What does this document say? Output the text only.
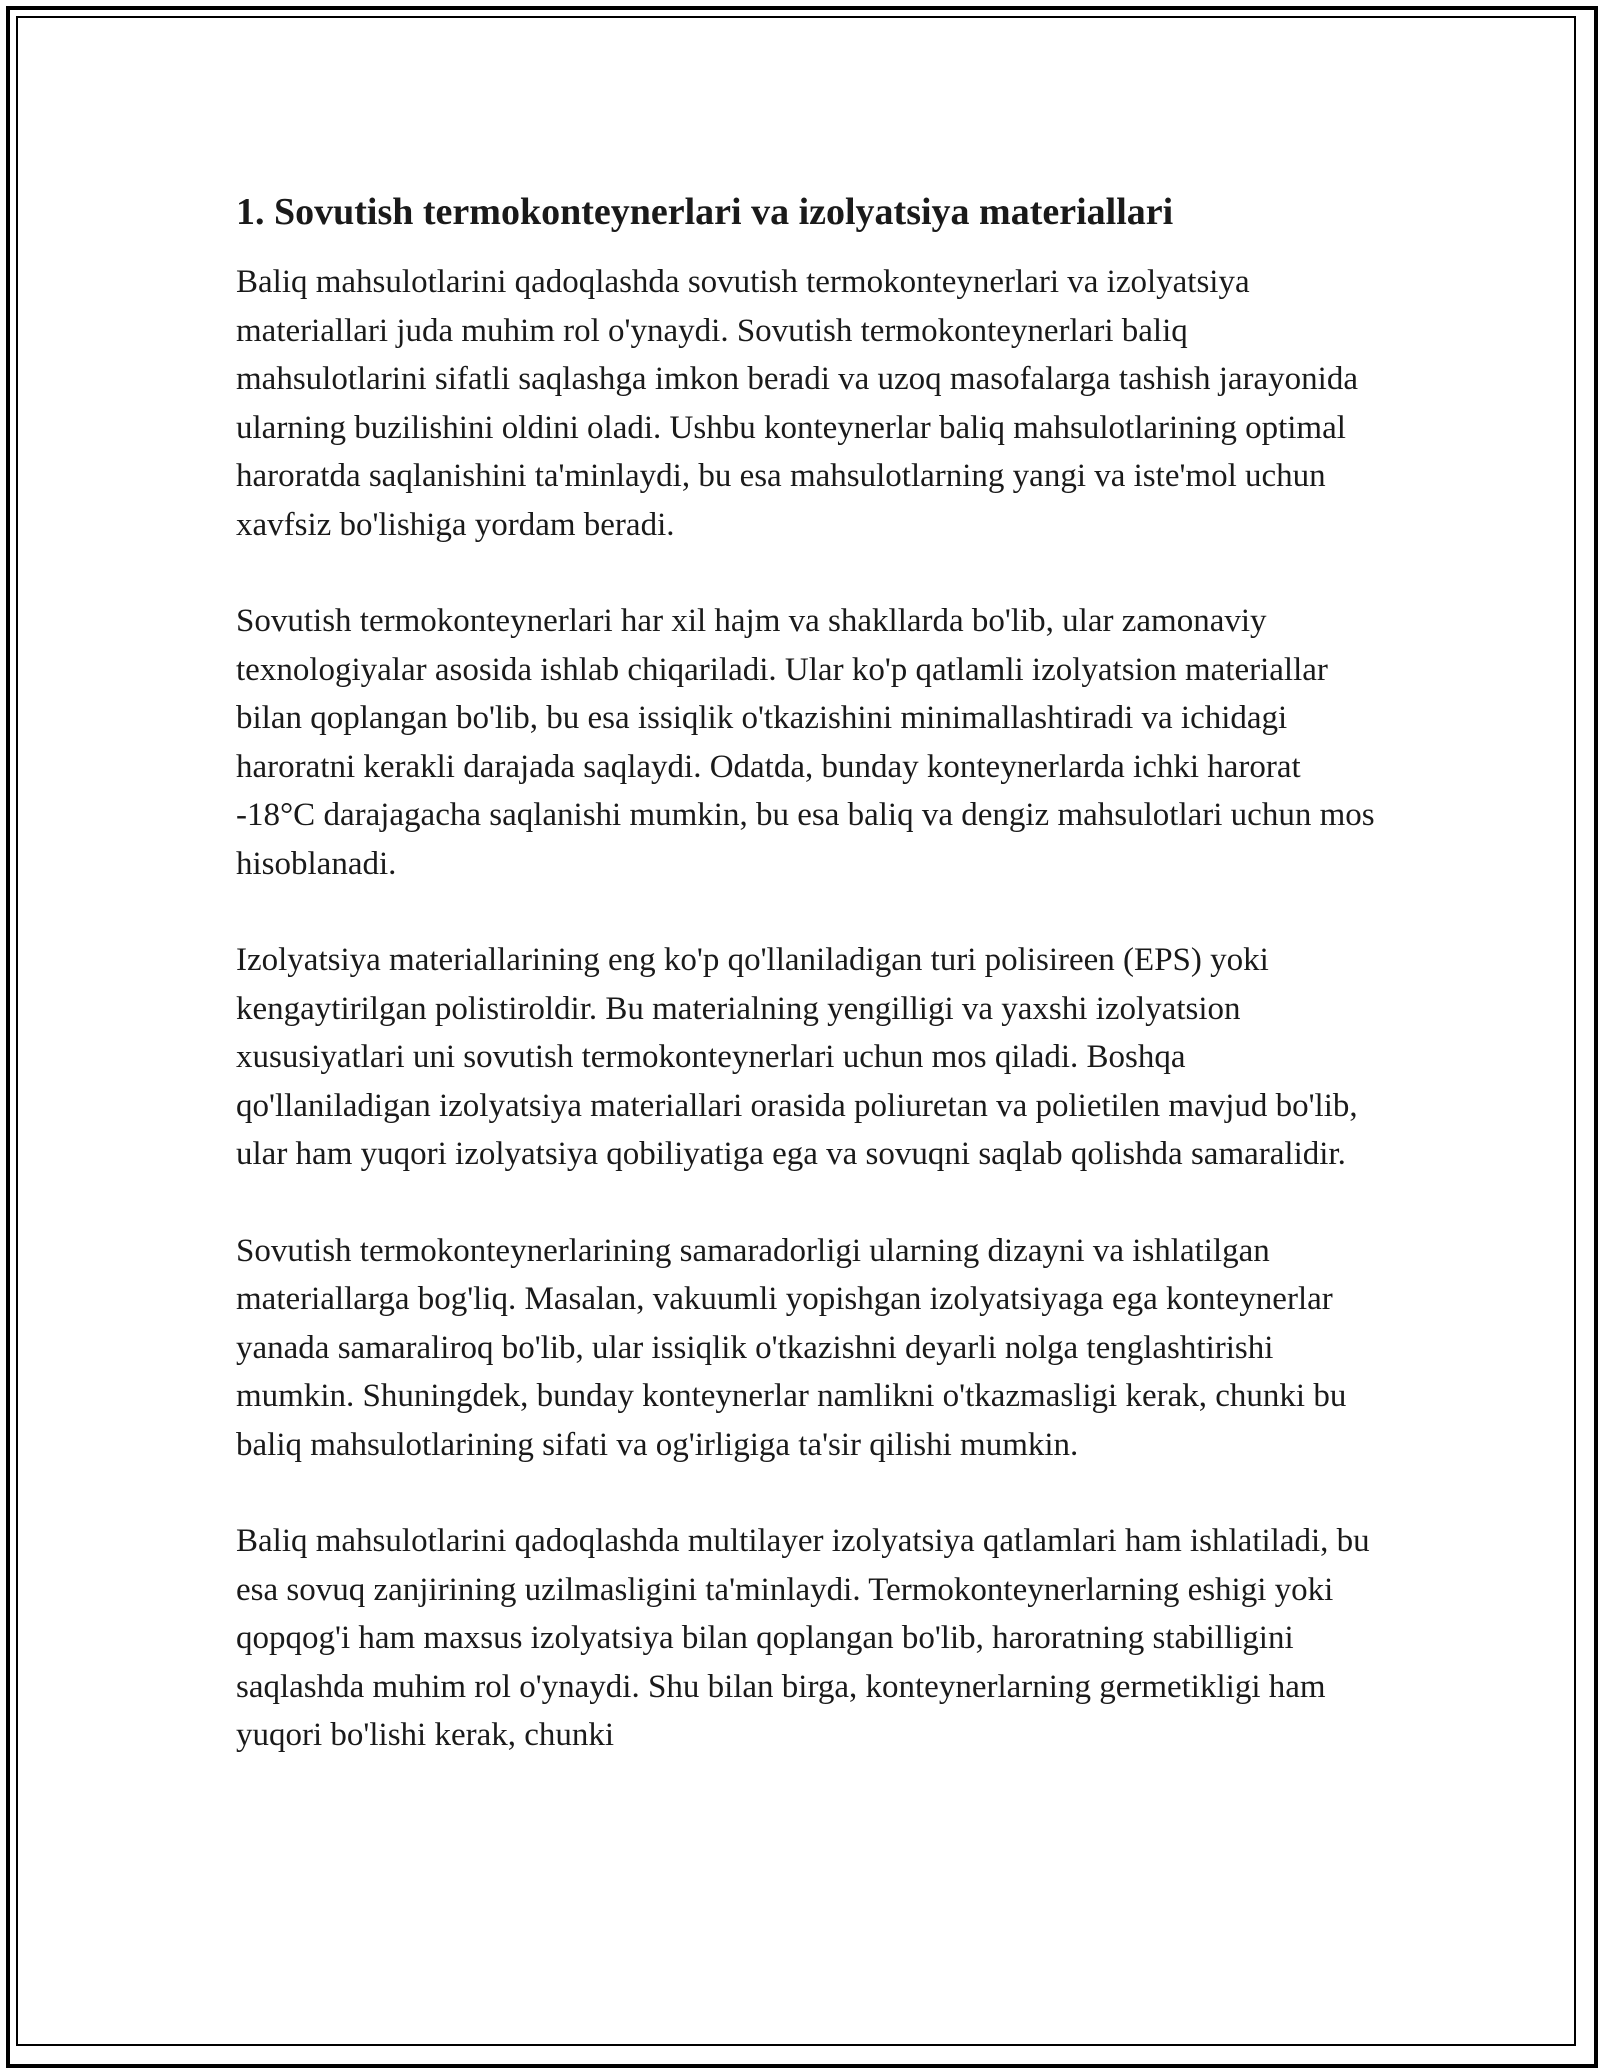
1. Sovutish termokonteynerlari va izolyatsiya materiallari

Baliq mahsulotlarini qadoqlashda sovutish termokonteynerlari va izolyatsiya materiallari juda muhim rol o'ynaydi. Sovutish termokonteynerlari baliq mahsulotlarini sifatli saqlashga imkon beradi va uzoq masofalarga tashish jarayonida ularning buzilishini oldini oladi. Ushbu konteynerlar baliq mahsulotlarining optimal haroratda saqlanishini ta'minlaydi, bu esa mahsulotlarning yangi va iste'mol uchun xavfsiz bo'lishiga yordam beradi.

Sovutish termokonteynerlari har xil hajm va shakllarda bo'lib, ular zamonaviy texnologiyalar asosida ishlab chiqariladi. Ular ko'p qatlamli izolyatsion materiallar bilan qoplangan bo'lib, bu esa issiqlik o'tkazishini minimallashtiradi va ichidagi haroratni kerakli darajada saqlaydi. Odatda, bunday konteynerlarda ichki harorat -18°C darajagacha saqlanishi mumkin, bu esa baliq va dengiz mahsulotlari uchun mos hisoblanadi.

Izolyatsiya materiallarining eng ko'p qo'llaniladigan turi polisireen (EPS) yoki kengaytirilgan polistiroldir. Bu materialning yengilligi va yaxshi izolyatsion xususiyatlari uni sovutish termokonteynerlari uchun mos qiladi. Boshqa qo'llaniladigan izolyatsiya materiallari orasida poliuretan va polietilen mavjud bo'lib, ular ham yuqori izolyatsiya qobiliyatiga ega va sovuqni saqlab qolishda samaralidir.

Sovutish termokonteynerlarining samaradorligi ularning dizayni va ishlatilgan materiallarga bog'liq. Masalan, vakuumli yopishgan izolyatsiyaga ega konteynerlar yanada samaraliroq bo'lib, ular issiqlik o'tkazishni deyarli nolga tenglashtirishi mumkin. Shuningdek, bunday konteynerlar namlikni o'tkazmasligi kerak, chunki bu baliq mahsulotlarining sifati va og'irligiga ta'sir qilishi mumkin.

Baliq mahsulotlarini qadoqlashda multilayer izolyatsiya qatlamlari ham ishlatiladi, bu esa sovuq zanjirining uzilmasligini ta'minlaydi. Termokonteynerlarning eshigi yoki qopqog'i ham maxsus izolyatsiya bilan qoplangan bo'lib, haroratning stabilligini saqlashda muhim rol o'ynaydi. Shu bilan birga, konteynerlarning germetikligi ham yuqori bo'lishi kerak, chunki
